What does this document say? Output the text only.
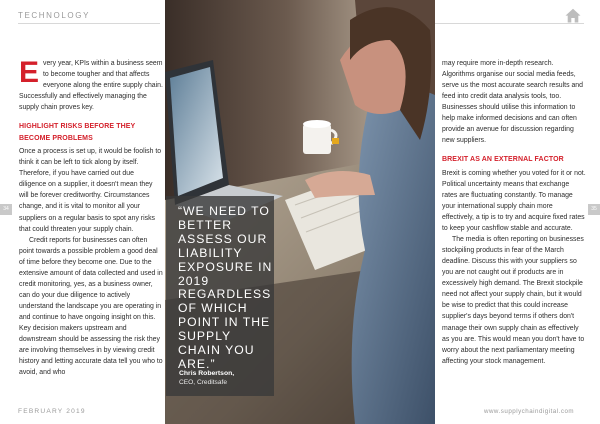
TECHNOLOGY

Every year, KPIs within a business seem to become tougher and that affects everyone along the entire supply chain. Successfully and effectively managing the supply chain proves key.

HIGHLIGHT RISKS BEFORE THEY BECOME PROBLEMS

Once a process is set up, it would be foolish to think it can be left to tick along by itself. Therefore, if you have carried out due diligence on a supplier, it doesn't mean they will be forever creditworthy. Circumstances change, and it is vital to monitor all your suppliers on a regular basis to spot any risks that could threaten your supply chain.

Credit reports for businesses can often point towards a possible problem a good deal of time before they become one. Due to the extensive amount of data collected and used in credit monitoring, yes, as a business owner, can do your due diligence to actively understand the landscape you are operating in and continue to have ongoing insight on this. Key decision makers upstream and downstream should be assessing the risk they are involving themselves in by viewing credit history and letting accurate data tell you who to avoid, and who

“WE NEED TO BETTER ASSESS OUR LIABILITY EXPOSURE IN 2019 REGARDLESS OF WHICH POINT IN THE SUPPLY CHAIN YOU ARE.”
Chris Robertson,
CEO, Creditsafe

may require more in-depth research. Algorithms organise our social media feeds, serve us the most accurate search results and feed into credit data analysis tools, too. Businesses should utilise this information to help make informed decisions and can often provide an avenue for discussion regarding new suppliers.

BREXIT AS AN EXTERNAL FACTOR

Brexit is coming whether you voted for it or not. Political uncertainty means that exchange rates are fluctuating constantly. To manage your international supply chain more effectively, a tip is to try and acquire fixed rates to keep your cashflow stable and accurate.

The media is often reporting on businesses stockpiling products in fear of the March deadline. Discuss this with your suppliers so you are not caught out if products are in excessively high demand. The Brexit stockpile need not affect your supply chain, but it would be wise to predict that this could increase supplier's days beyond terms if others don't manage their own supply chain as effectively as you are. This would mean you don't have to worry about the next parliamentary meeting affecting your stock management.

34	35
FEBRUARY 2019	www.supplychaindigital.com
